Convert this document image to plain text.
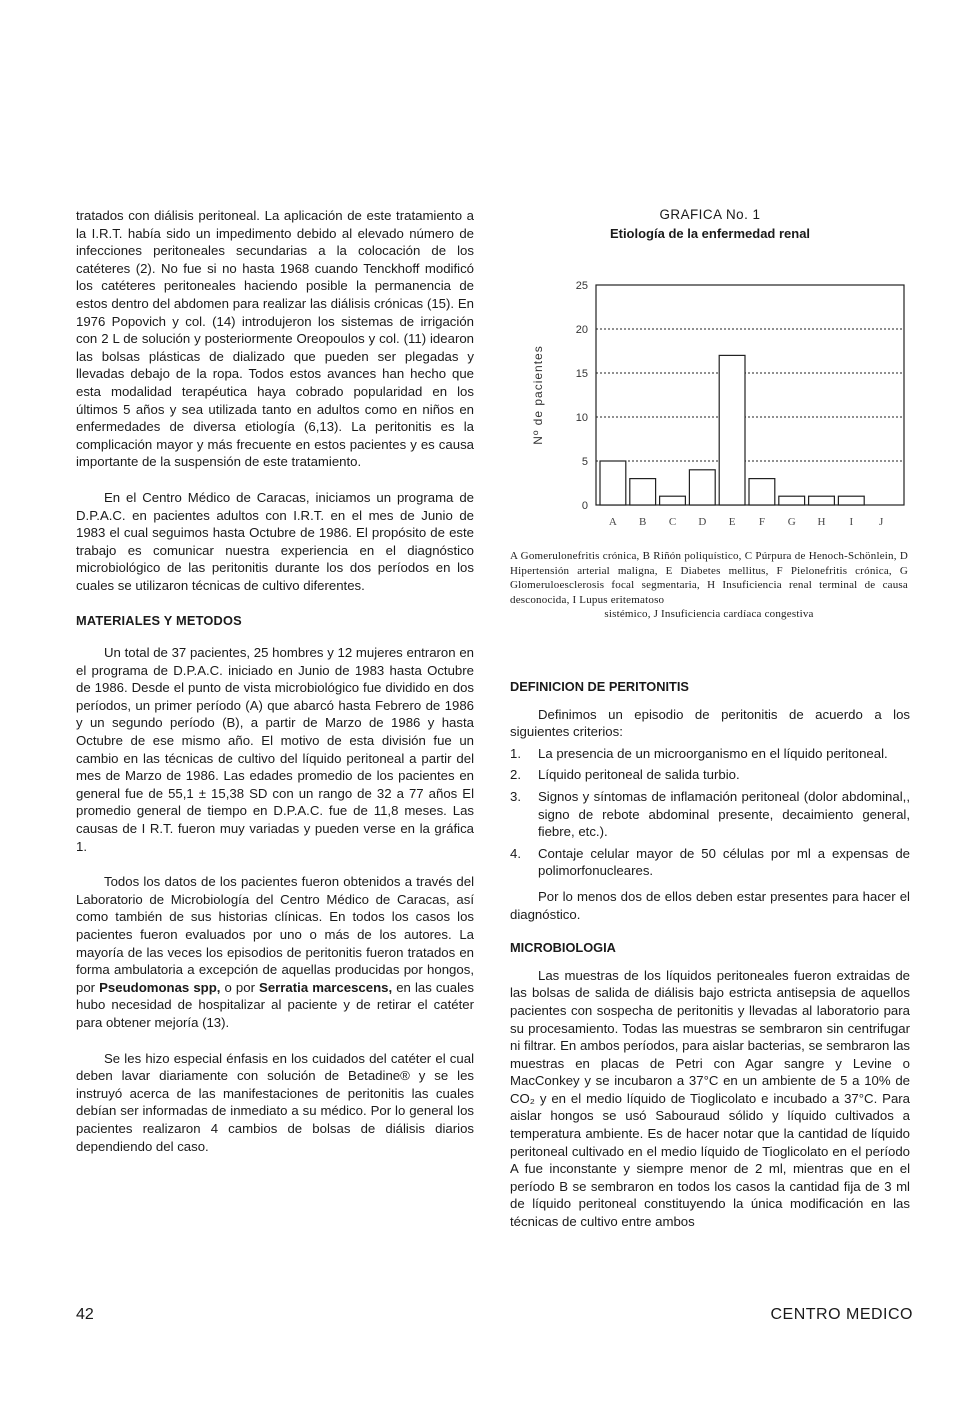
tratados con diálisis peritoneal. La aplicación de este tratamiento a la I.R.T. había sido un impedimento debido al elevado número de infecciones peritoneales secundarias a la colocación de los catéteres (2). No fue si no hasta 1968 cuando Tenckhoff modificó los catéteres peritoneales haciendo posible la permanencia de estos dentro del abdomen para realizar las diálisis crónicas (15). En 1976 Popovich y col. (14) introdujeron los sistemas de irrigación con 2 L de solución y posteriormente Oreopoulos y col. (11) idearon las bolsas plásticas de dializado que pueden ser plegadas y llevadas debajo de la ropa. Todos estos avances han hecho que esta modalidad terapéutica haya cobrado popularidad en los últimos 5 años y sea utilizada tanto en adultos como en niños en enfermedades de diversa etiología (6,13). La peritonitis es la complicación mayor y más frecuente en estos pacientes y es causa importante de la suspensión de este tratamiento.

En el Centro Médico de Caracas, iniciamos un programa de D.P.A.C. en pacientes adultos con I.R.T. en el mes de Junio de 1983 el cual seguimos hasta Octubre de 1986. El propósito de este trabajo es comunicar nuestra experiencia en el diagnóstico microbiológico de las peritonitis durante los dos períodos en los cuales se utilizaron técnicas de cultivo diferentes.

MATERIALES Y METODOS

Un total de 37 pacientes, 25 hombres y 12 mujeres entraron en el programa de D.P.A.C. iniciado en Junio de 1983 hasta Octubre de 1986. Desde el punto de vista microbiológico fue dividido en dos períodos, un primer período (A) que abarcó hasta Febrero de 1986 y un segundo período (B), a partir de Marzo de 1986 y hasta Octubre de ese mismo año. El motivo de esta división fue un cambio en las técnicas de cultivo del líquido peritoneal a partir del mes de Marzo de 1986. Las edades promedio de los pacientes en general fue de 55,1 ± 15,38 SD con un rango de 32 a 77 años El promedio general de tiempo en D.P.A.C. fue de 11,8 meses. Las causas de I R.T. fueron muy variadas y pueden verse en la gráfica 1.

Todos los datos de los pacientes fueron obtenidos a través del Laboratorio de Microbiología del Centro Médico de Caracas, así como también de sus historias clínicas. En todos los casos los pacientes fueron evaluados por uno o más de los autores. La mayoría de las veces los episodios de peritonitis fueron tratados en forma ambulatoria a excepción de aquellas producidas por hongos, por Pseudomonas spp, o por Serratia marcescens, en las cuales hubo necesidad de hospitalizar al paciente y de retirar el catéter para obtener mejoría (13).

Se les hizo especial énfasis en los cuidados del catéter el cual deben lavar diariamente con solución de Betadine® y se les instruyó acerca de las manifestaciones de peritonitis las cuales debían ser informadas de inmediato a su médico. Por lo general los pacientes realizaron 4 cambios de bolsas de diálisis diarios dependiendo del caso.

GRAFICA No. 1
Etiología de la enfermedad renal
0
5
10
15
20
25
Nº de pacientes
A B C D E F G H I J
A Gomerulonefritis crónica, B Riñón poliquístico, C Púrpura de Henoch-Schönlein, D Hipertensión arterial maligna, E Diabetes mellitus, F Pielonefritis crónica, G Glomeruloesclerosis focal segmentaria, H Insuficiencia renal terminal de causa desconocida, I Lupus eritematoso
sistémico, J Insuficiencia cardíaca congestiva
DEFINICION DE PERITONITIS

Definimos un episodio de peritonitis de acuerdo a los siguientes criterios:

1. La presencia de un microorganismo en el líquido peritoneal.
2. Líquido peritoneal de salida turbio.
3. Signos y síntomas de inflamación peritoneal (dolor abdominal,, signo de rebote abdominal presente, decaimiento general, fiebre, etc.).
4. Contaje celular mayor de 50 células por ml a expensas de polimorfonucleares.

Por lo menos dos de ellos deben estar presentes para hacer el diagnóstico.

MICROBIOLOGIA

Las muestras de los líquidos peritoneales fueron extraidas de las bolsas de salida de diálisis bajo estricta antisepsia de aquellos pacientes con sospecha de peritonitis y llevadas al laboratorio para su procesamiento. Todas las muestras se sembraron sin centrifugar ni filtrar. En ambos períodos, para aislar bacterias, se sembraron las muestras en placas de Petri con Agar sangre y Levine o MacConkey y se incubaron a 37°C en un ambiente de 5 a 10% de CO₂ y en el medio líquido de Tioglicolato e incubado a 37°C. Para aislar hongos se usó Sabouraud sólido y líquido cultivados a temperatura ambiente. Es de hacer notar que la cantidad de líquido peritoneal cultivado en el medio líquido de Tioglicolato en el período A fue inconstante y siempre menor de 2 ml, mientras que en el período B se sembraron en todos los casos la cantidad fija de 3 ml de líquido peritoneal constituyendo la única modificación en las técnicas de cultivo entre ambos

42	CENTRO MEDICO
